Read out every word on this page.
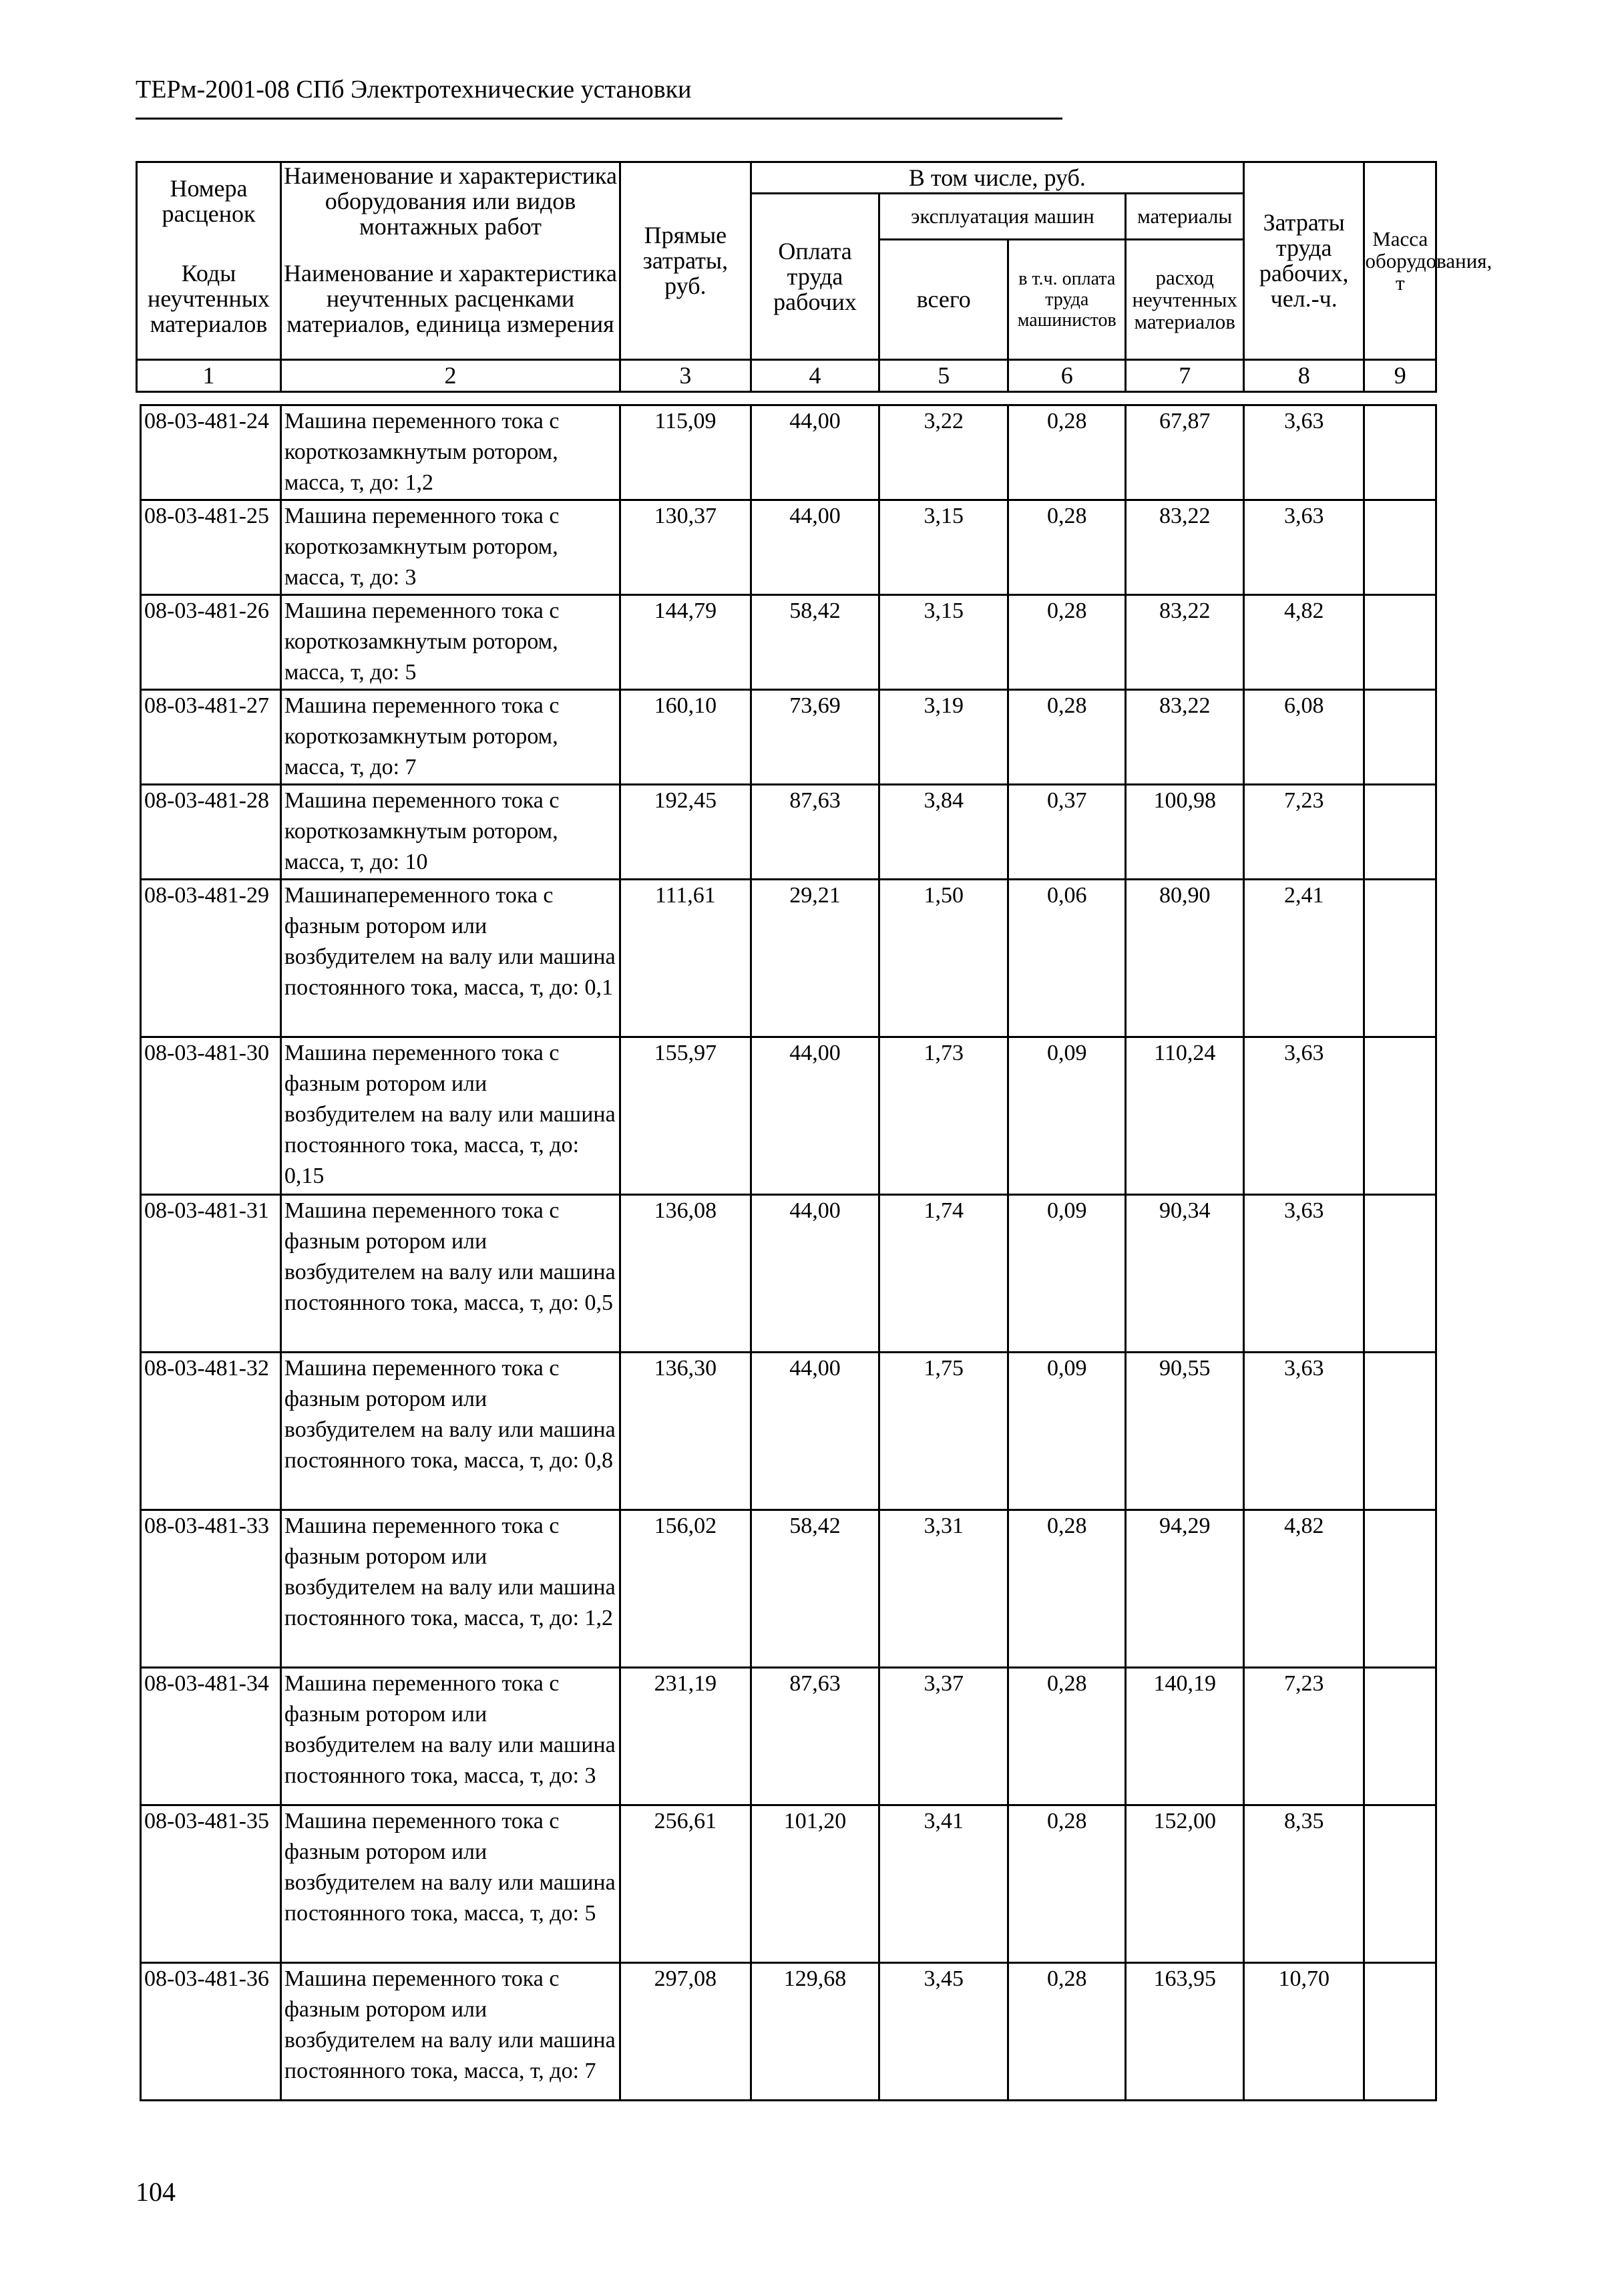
ТЕРм-2001-08 СПб Электротехнические установки
Номера расценок	Наименование и характеристика оборудования или видов монтажных работ	Прямые затраты, руб.	В том числе, руб.				Затраты труда рабочих, чел.-ч.	Масса оборудования, т
			Оплата труда рабочих	эксплуатация машин		материалы		
Коды неучтенных материалов	Наименование и характеристика неучтенных расценками материалов, единица измерения			всего	в т.ч. оплата труда машинистов	расход неучтенных материалов		

1	2	3	4	5	6	7	8	9
08-03-481-24	Машина переменного тока с короткозамкнутым ротором, масса, т, до: 1,2	115,09	44,00	3,22	0,28	67,87	3,63	
08-03-481-25	Машина переменного тока с короткозамкнутым ротором, масса, т, до: 3	130,37	44,00	3,15	0,28	83,22	3,63	
08-03-481-26	Машина переменного тока с короткозамкнутым ротором, масса, т, до: 5	144,79	58,42	3,15	0,28	83,22	4,82	
08-03-481-27	Машина переменного тока с короткозамкнутым ротором, масса, т, до: 7	160,10	73,69	3,19	0,28	83,22	6,08	
08-03-481-28	Машина переменного тока с короткозамкнутым ротором, масса, т, до: 10	192,45	87,63	3,84	0,37	100,98	7,23	
08-03-481-29	Машинапеременного тока с фазным ротором или возбудителем на валу или машина постоянного тока, масса, т, до: 0,1	111,61	29,21	1,50	0,06	80,90	2,41	
08-03-481-30	Машина переменного тока с фазным ротором или возбудителем на валу или машина постоянного тока, масса, т, до: 0,15	155,97	44,00	1,73	0,09	110,24	3,63	
08-03-481-31	Машина переменного тока с фазным ротором или возбудителем на валу или машина постоянного тока, масса, т, до: 0,5	136,08	44,00	1,74	0,09	90,34	3,63	
08-03-481-32	Машина переменного тока с фазным ротором или возбудителем на валу или машина постоянного тока, масса, т, до: 0,8	136,30	44,00	1,75	0,09	90,55	3,63	
08-03-481-33	Машина переменного тока с фазным ротором или возбудителем на валу или машина постоянного тока, масса, т, до: 1,2	156,02	58,42	3,31	0,28	94,29	4,82	
08-03-481-34	Машина переменного тока с фазным ротором или возбудителем на валу или машина постоянного тока, масса, т, до: 3	231,19	87,63	3,37	0,28	140,19	7,23	
08-03-481-35	Машина переменного тока с фазным ротором или возбудителем на валу или машина постоянного тока, масса, т, до: 5	256,61	101,20	3,41	0,28	152,00	8,35	
08-03-481-36	Машина переменного тока с фазным ротором или возбудителем на валу или машина постоянного тока, масса, т, до: 7	297,08	129,68	3,45	0,28	163,95	10,70	
104
